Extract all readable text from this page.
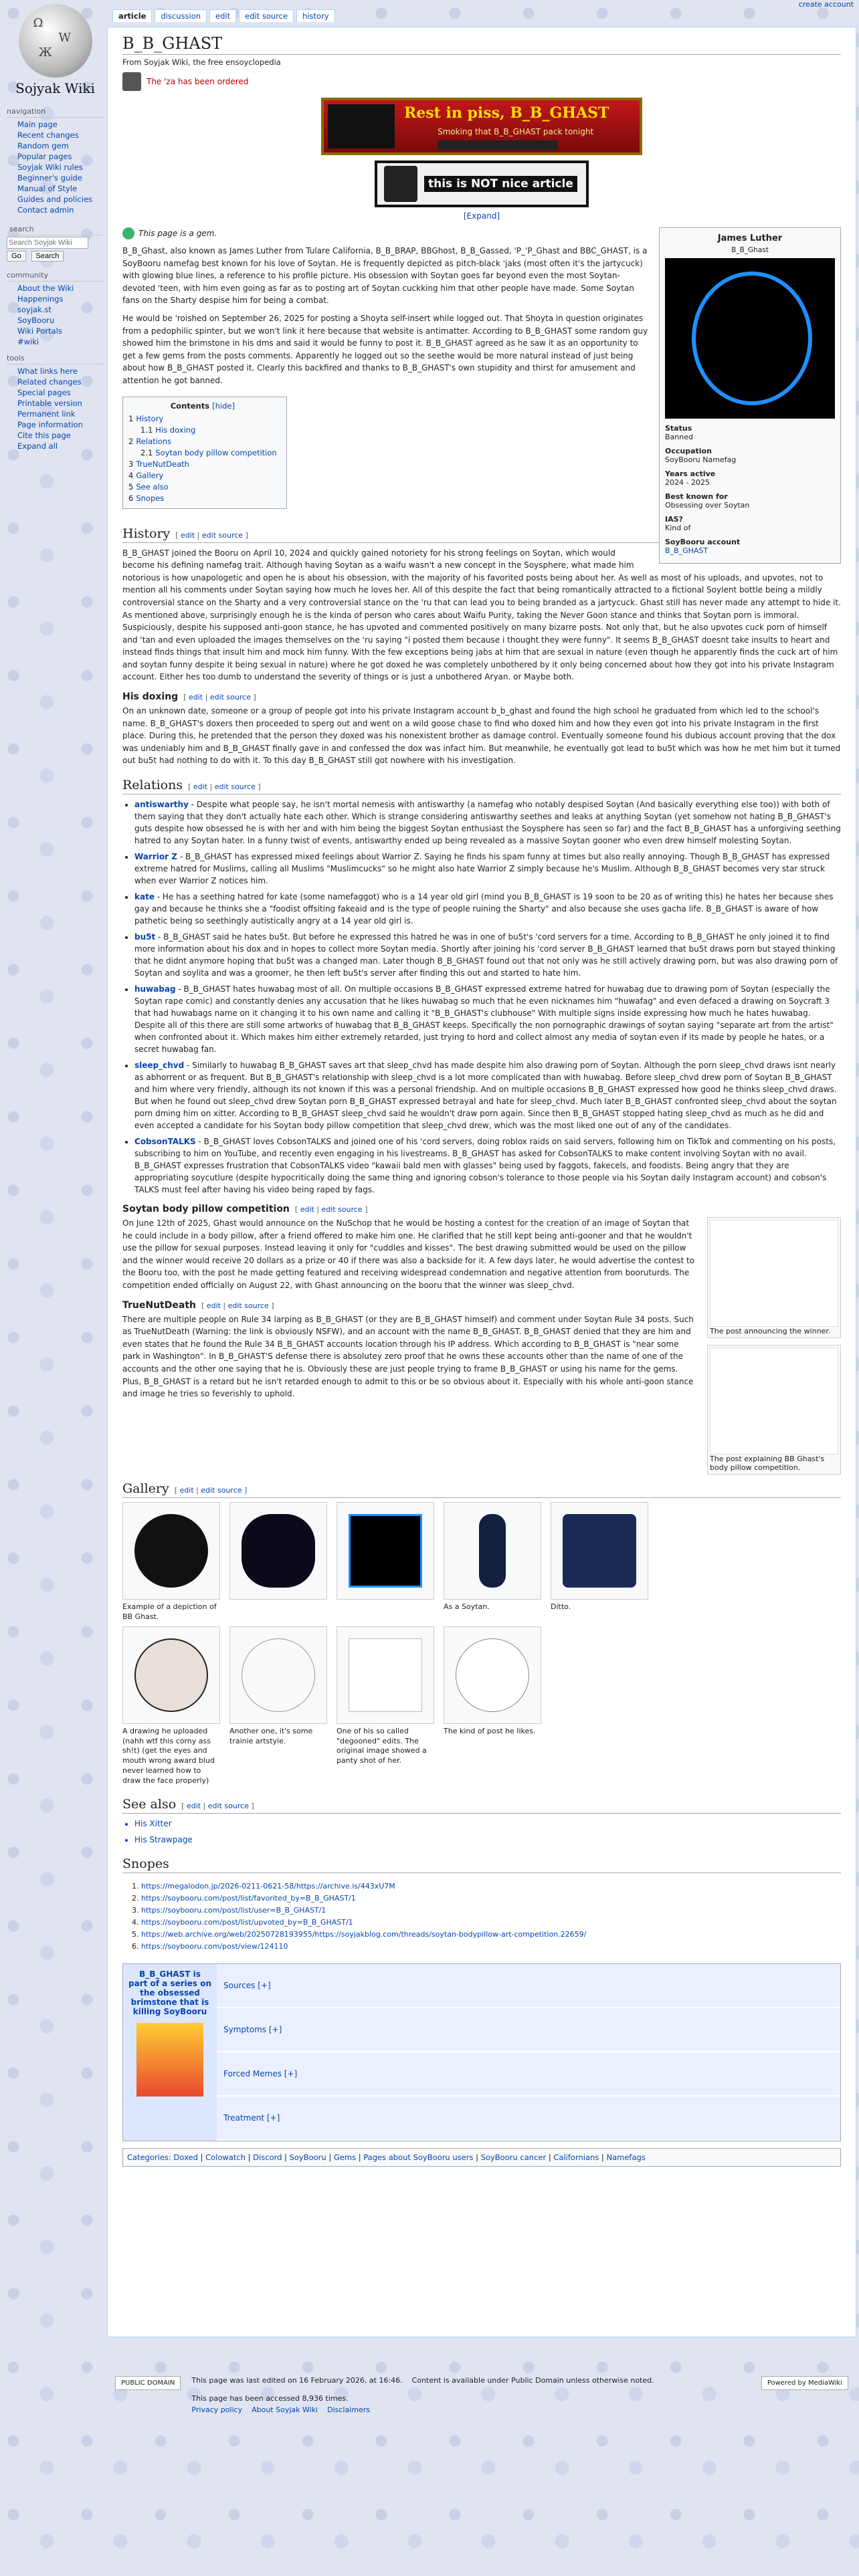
Ω
W
Ж
Sojyak Wiki
create account
article	discussion	edit	edit source	history
navigation
Main page
Recent changes
Random gem
Popular pages
Soyjak Wiki rules
Beginner's guide
Manual of Style
Guides and policies
Contact admin
search
Search Soyjak Wiki
Go Search
community
About the Wiki
Happenings
soyjak.st
SoyBooru
Wiki Portals
#wiki
tools
What links here
Related changes
Special pages
Printable version
Permanent link
Page information
Cite this page
Expand all
B_B_GHAST
From Soyjak Wiki, the free ensoyclopedia
The 'za has been ordered
Rest in piss, B_B_GHAST
Smoking that B_B_GHAST pack tonight
this is NOT nice article
[Expand]
James Luther
B_B_Ghast
Status
Banned
Occupation
SoyBooru Namefag
Years active
2024 - 2025
Best known for
Obsessing over Soytan
IAS?
Kind of
SoyBooru account
B_B_GHAST
This page is a gem.

B_B_Ghast, also known as James Luther from Tulare California, B_B_BRAP, BBGhost, B_B_Gassed, 'P_'P_Ghast and BBC_GHAST, is a SoyBooru namefag best known for his love of Soytan. He is frequently depicted as pitch-black 'jaks (most often it's the jartycuck) with glowing blue lines, a reference to his profile picture. His obsession with Soytan goes far beyond even the most Soytan-devoted 'teen, with him even going as far as to posting art of Soytan cuckking him that other people have made. Some Soytan fans on the Sharty despise him for being a combat.

He would be 'roished on September 26, 2025 for posting a Shoyta self-insert while logged out. That Shoyta in question originates from a pedophilic spinter, but we won't link it here because that website is antimatter. According to B_B_GHAST some random guy showed him the brimstone in his dms and said it would be funny to post it. B_B_GHAST agreed as he saw it as an opportunity to get a few gems from the posts comments. Apparently he logged out so the seethe would be more natural instead of just being about how B_B_GHAST posted it. Clearly this backfired and thanks to B_B_GHAST's own stupidity and thirst for amusement and attention he got banned.

Contents [hide]
1 History
1.1 His doxing
2 Relations
2.1 Soytan body pillow competition
3 TrueNutDeath
4 Gallery
5 See also
6 Snopes
History [ edit | edit source ]

B_B_GHAST joined the Booru on April 10, 2024 and quickly gained notoriety for his strong feelings on Soytan, which would become his defining namefag trait. Although having Soytan as a waifu wasn't a new concept in the Soysphere, what made him notorious is how unapologetic and open he is about his obsession, with the majority of his favorited posts being about her. As well as most of his uploads, and upvotes, not to mention all his comments under Soytan saying how much he loves her. All of this despite the fact that being romantically attracted to a fictional Soylent bottle being a mildly controversial stance on the Sharty and a very controversial stance on the 'ru that can lead you to being branded as a jartycuck. Ghast still has never made any attempt to hide it. As mentioned above, surprisingly enough he is the kinda of person who cares about Waifu Purity, taking the Never Goon stance and thinks that Soytan porn is immoral. Suspiciously, despite his supposed anti-goon stance, he has upvoted and commented positively on many bizarre posts. Not only that, but he also upvotes cuck porn of himself and 'tan and even uploaded the images themselves on the 'ru saying "i posted them because i thought they were funny". It seems B_B_GHAST doesnt take insults to heart and instead finds things that insult him and mock him funny. With the few exceptions being jabs at him that are sexual in nature (even though he apparently finds the cuck art of him and soytan funny despite it being sexual in nature) where he got doxed he was completely unbothered by it only being concerned about how they got into his private Instagram account. Either hes too dumb to understand the severity of things or is just a unbothered Aryan. or Maybe both.

His doxing [ edit | edit source ]

On an unknown date, someone or a group of people got into his private Instagram account b_b_ghast and found the high school he graduated from which led to the school's name. B_B_GHAST's doxers then proceeded to sperg out and went on a wild goose chase to find who doxed him and how they even got into his private Instagram in the first place. During this, he pretended that the person they doxed was his nonexistent brother as damage control. Eventually someone found his dubious account proving that the dox was undeniably him and B_B_GHAST finally gave in and confessed the dox was infact him. But meanwhile, he eventually got lead to bu5t which was how he met him but it turned out bu5t had nothing to do with it. To this day B_B_GHAST still got nowhere with his investigation.

Relations [ edit | edit source ]
• antiswarthy - Despite what people say, he isn't mortal nemesis with antiswarthy (a namefag who notably despised Soytan (And basically everything else too)) with both of them saying that they don't actually hate each other. Which is strange considering antiswarthy seethes and leaks at anything Soytan (yet somehow not hating B_B_GHAST's guts despite how obsessed he is with her and with him being the biggest Soytan enthusiast the Soysphere has seen so far) and the fact B_B_GHAST has a unforgiving seething hatred to any Soytan hater. In a funny twist of events, antiswarthy ended up being revealed as a massive Soytan gooner who even drew himself molesting Soytan.
• Warrior Z - B_B_GHAST has expressed mixed feelings about Warrior Z. Saying he finds his spam funny at times but also really annoying. Though B_B_GHAST has expressed extreme hatred for Muslims, calling all Muslims "Muslimcucks" so he might also hate Warrior Z simply because he's Muslim. Although B_B_GHAST becomes very star struck when ever Warrior Z notices him.
• kate - He has a seething hatred for kate (some namefaggot) who is a 14 year old girl (mind you B_B_GHAST is 19 soon to be 20 as of writing this) he hates her because shes gay and because he thinks she a "foodist offsiting fakeaid and is the type of people ruining the Sharty" and also because she uses gacha life. B_B_GHAST is aware of how pathetic being so seethingly autistically angry at a 14 year old girl is.
• bu5t - B_B_GHAST said he hates bu5t. But before he expressed this hatred he was in one of bu5t's 'cord servers for a time. According to B_B_GHAST he only joined it to find more information about his dox and in hopes to collect more Soytan media. Shortly after joining his 'cord server B_B_GHAST learned that bu5t draws porn but stayed thinking that he didnt anymore hoping that bu5t was a changed man. Later though B_B_GHAST found out that not only was he still actively drawing porn, but was also drawing porn of Soytan and soylita and was a groomer, he then left bu5t's server after finding this out and started to hate him.
• huwabag - B_B_GHAST hates huwabag most of all. On multiple occasions B_B_GHAST expressed extreme hatred for huwabag due to drawing porn of Soytan (especially the Soytan rape comic) and constantly denies any accusation that he likes huwabag so much that he even nicknames him "huwafag" and even defaced a drawing on Soycraft 3 that had huwabags name on it changing it to his own name and calling it "B_B_GHAST's clubhouse" With multiple signs inside expressing how much he hates huwabag. Despite all of this there are still some artworks of huwabag that B_B_GHAST keeps. Specifically the non pornographic drawings of soytan saying "separate art from the artist" when confronted about it. Which makes him either extremely retarded, just trying to hord and collect almost any media of soytan even if its made by people he hates, or a secret huwabag fan.
• sleep_chvd - Similarly to huwabag B_B_GHAST saves art that sleep_chvd has made despite him also drawing porn of Soytan. Although the porn sleep_chvd draws isnt nearly as abhorrent or as frequent. But B_B_GHAST's relationship with sleep_chvd is a lot more complicated than with huwabag. Before sleep_chvd drew porn of Soytan B_B_GHAST and him where very friendly, although its not known if this was a personal friendship. And on multiple occasions B_B_GHAST expressed how good he thinks sleep_chvd draws. But when he found out sleep_chvd drew Soytan porn B_B_GHAST expressed betrayal and hate for sleep_chvd. Much later B_B_GHAST confronted sleep_chvd about the soytan porn dming him on xitter. According to B_B_GHAST sleep_chvd said he wouldn't draw porn again. Since then B_B_GHAST stopped hating sleep_chvd as much as he did and even accepted a candidate for his Soytan body pillow competition that sleep_chvd drew, which was the most liked one out of any of the candidates.
• CobsonTALKS - B_B_GHAST loves CobsonTALKS and joined one of his 'cord servers, doing roblox raids on said servers, following him on TikTok and commenting on his posts, subscribing to him on YouTube, and recently even engaging in his livestreams. B_B_GHAST has asked for CobsonTALKS to make content involving Soytan with no avail. B_B_GHAST expresses frustration that CobsonTALKS video "kawaii bald men with glasses" being used by faggots, fakecels, and foodists. Being angry that they are appropriating soycutlure (despite hypocritically doing the same thing and ignoring cobson's tolerance to those people via his Soytan daily Instagram account) and cobson's TALKS must feel after having his video being raped by fags.
Soytan body pillow competition [ edit | edit source ]
The post announcing the winner.

On June 12th of 2025, Ghast would announce on the NuSchop that he would be hosting a contest for the creation of an image of Soytan that he could include in a body pillow, after a friend offered to make him one. He clarified that he still kept being anti-gooner and that he wouldn't use the pillow for sexual purposes. Instead leaving it only for "cuddles and kisses". The best drawing submitted would be used on the pillow and the winner would receive 20 dollars as a prize or 40 if there was also a backside for it. A few days later, he would advertise the contest to the Booru too, with the post he made getting featured and receiving widespread condemnation and negative attention from booruturds. The competition ended officially on August 22, with Ghast announcing on the booru that the winner was sleep_chvd.

TrueNutDeath [ edit | edit source ]
The post explaining BB Ghast's body pillow competition.

There are multiple people on Rule 34 larping as B_B_GHAST (or they are B_B_GHAST himself) and comment under Soytan Rule 34 posts. Such as TrueNutDeath (Warning: the link is obviously NSFW), and an account with the name B_B_GHAST. B_B_GHAST denied that they are him and even states that he found the Rule 34 B_B_GHAST accounts location through his IP address. Which according to B_B_GHAST is "near some park in Washington". In B_B_GHAST'S defense there is absolutey zero proof that he owns these accounts other than the name of one of the accounts and the other one saying that he is. Obviously these are just people trying to frame B_B_GHAST or using his name for the gems. Plus, B_B_GHAST is a retard but he isn't retarded enough to admit to this or be so obvious about it. Especially with his whole anti-goon stance and image he tries so feverishly to uphold.

Gallery [ edit | edit source ]
Example of a depiction of BB Ghast.
As a Soytan.	Ditto.
A drawing he uploaded (nahh wtf this corny ass sh!t) (get the eyes and mouth wrong award blud never learned how to draw the face properly)
Another one, it's some trainie artstyle.
One of his so called "degooned" edits. The original image showed a panty shot of her.
The kind of post he likes.
See also [ edit | edit source ]
• His Xitter
• His Strawpage
Snopes
1. https://megalodon.jp/2026-0211-0621-58/https://archive.is/443xU7M
2. https://soybooru.com/post/list/favorited_by=B_B_GHAST/1
3. https://soybooru.com/post/list/user=B_B_GHAST/1
4. https://soybooru.com/post/list/upvoted_by=B_B_GHAST/1
5. https://web.archive.org/web/20250728193955/https://soyjakblog.com/threads/soytan-bodypillow-art-competition.22659/
6. https://soybooru.com/post/view/124110
B_B_GHAST is part of a series on the obsessed brimstone that is killing SoyBooru
Sources [+]
Symptoms [+]
Forced Memes [+]
Treatment [+]
Categories: Doxed | Colowatch | Discord | SoyBooru | Gems | Pages about SoyBooru users | SoyBooru cancer | Californians | Namefags
PUBLIC DOMAIN	This page was last edited on 16 February 2026, at 16:46. Content is available under Public Domain unless otherwise noted.
This page has been accessed 8,936 times.
Privacy policy About Soyjak Wiki Disclaimers
Powered by MediaWiki
